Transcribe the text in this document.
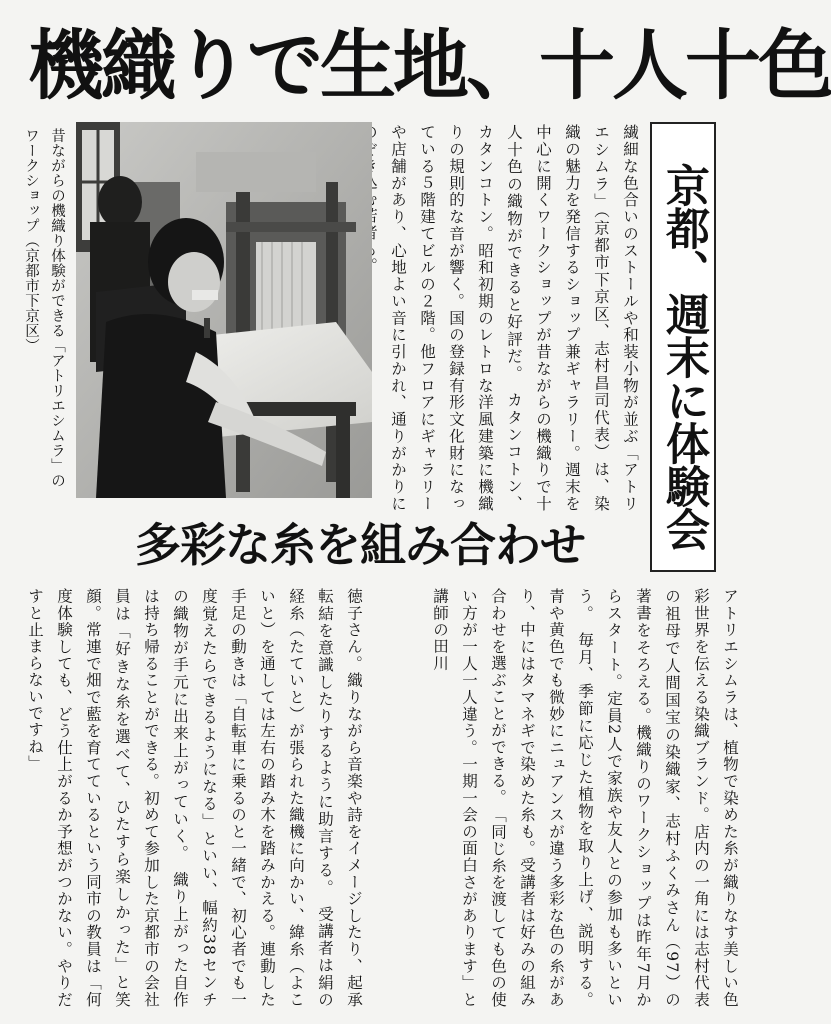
機織りで生地、十人十色
京都、週末に体験会
繊細な色合いのストールや和装小物が並ぶ「アトリエシムラ」（京都市下京区、志村昌司代表）は、染織の魅力を発信するショップ兼ギャラリー。週末を中心に開くワークショップが昔ながらの機織りで十人十色の織物ができると好評だ。　カタンコトン、カタンコトン。昭和初期のレトロな洋風建築に機織りの規則的な音が響く。国の登録有形文化財になっている５階建てビルの２階。他フロアにギャラリーや店舗があり、心地よい音に引かれ、通りがかりに
昔ながらの機織り体験ができる「アトリエシムラ」のワークショップ（京都市下京区）
多彩な糸を組み合わせ
アトリエシムラは、植物で染めた糸が織りなす美しい色彩世界を伝える染織ブランド。店内の一角には志村代表の祖母で人間国宝の染織家、志村ふくみさん（97）の著書をそろえる。機織りのワークショップは昨年7月からスタート。定員2人で家族や友人との参加も多いという。　毎月、季節に応じた植物を取り上げ、説明する。青や黄色でも微妙にニュアンスが違う多彩な色の糸があり、中にはタマネギで染めた糸も。受講者は好みの組み合わせを選ぶことができる。　「同じ糸を渡しても色の使い方が一人一人違う。一期一会の面白さがあります」と講師の田川
徳子さん。織りながら音楽や詩をイメージしたり、起承転結を意識したりするように助言する。　受講者は絹の経糸（たていと）が張られた織機に向かい、緯糸（よこいと）を通しては左右の踏み木を踏みかえる。連動した手足の動きは「自転車に乗るのと一緒で、初心者でも一度覚えたらできるようになる」といい、幅約38センチの織物が手元に出来上がっていく。　織り上がった自作は持ち帰ることができる。初めて参加した京都市の会社員は「好きな糸を選べて、ひたすら楽しかった」と笑顔。常連で畑で藍を育てているという同市の教員は「何度体験しても、どう仕上がるか予想がつかない。やりだすと止まらないですね」
